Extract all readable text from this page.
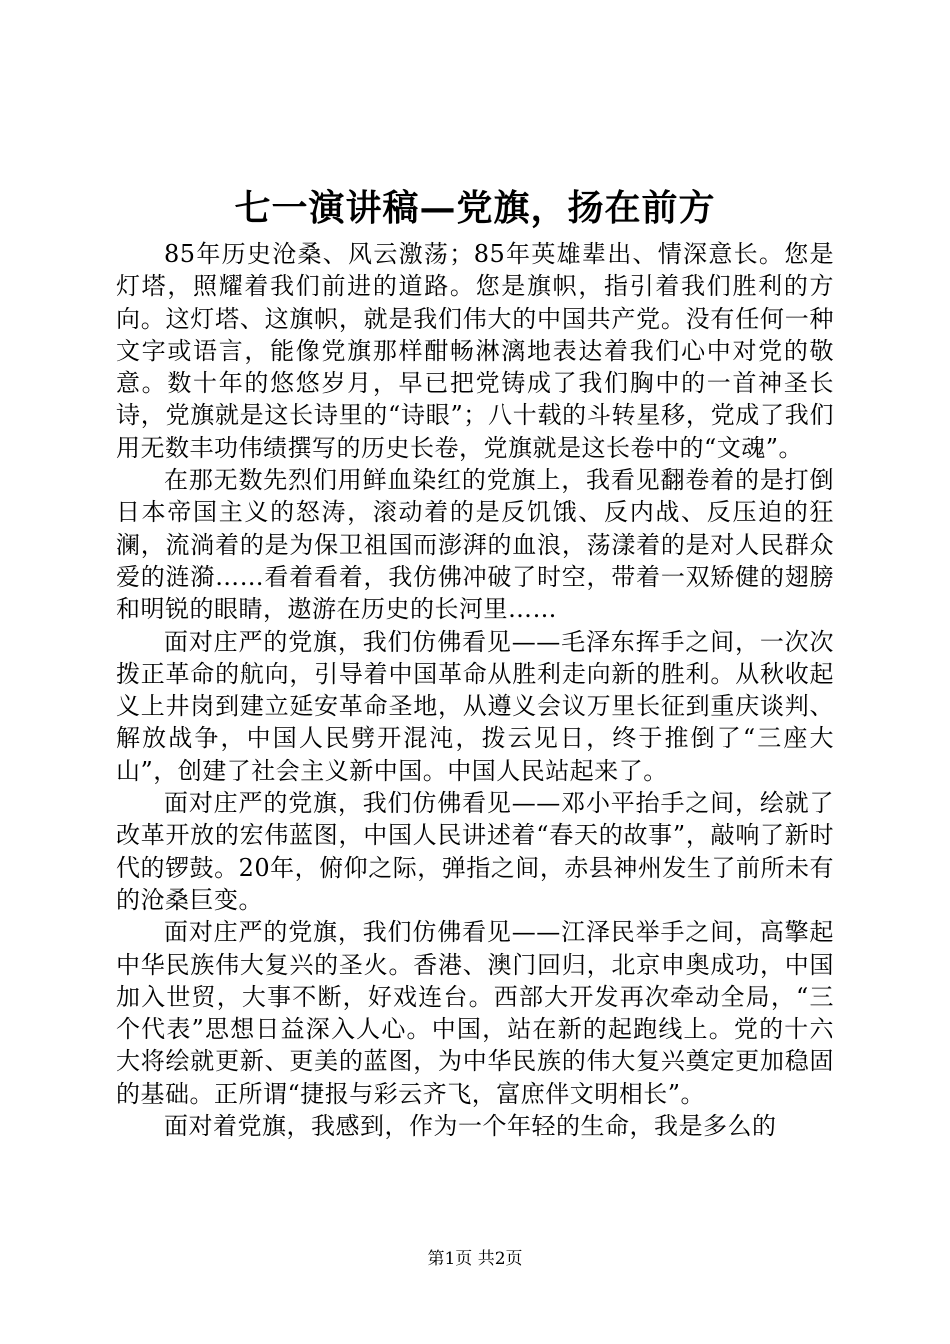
七一演讲稿—党旗，扬在前方

85年历史沧桑、风云激荡；85年英雄辈出、情深意长。您是灯塔，照耀着我们前进的道路。您是旗帜，指引着我们胜利的方向。这灯塔、这旗帜，就是我们伟大的中国共产党。没有任何一种文字或语言，能像党旗那样酣畅淋漓地表达着我们心中对党的敬意。数十年的悠悠岁月，早已把党铸成了我们胸中的一首神圣长诗，党旗就是这长诗里的“诗眼”；八十载的斗转星移，党成了我们用无数丰功伟绩撰写的历史长卷，党旗就是这长卷中的“文魂”。

在那无数先烈们用鲜血染红的党旗上，我看见翻卷着的是打倒日本帝国主义的怒涛，滚动着的是反饥饿、反内战、反压迫的狂澜，流淌着的是为保卫祖国而澎湃的血浪，荡漾着的是对人民群众爱的涟漪……看着看着，我仿佛冲破了时空，带着一双矫健的翅膀和明锐的眼睛，遨游在历史的长河里……

面对庄严的党旗，我们仿佛看见——毛泽东挥手之间，一次次拨正革命的航向，引导着中国革命从胜利走向新的胜利。从秋收起义上井岗到建立延安革命圣地，从遵义会议万里长征到重庆谈判、解放战争，中国人民劈开混沌，拨云见日，终于推倒了“三座大山”，创建了社会主义新中国。中国人民站起来了。

面对庄严的党旗，我们仿佛看见——邓小平抬手之间，绘就了改革开放的宏伟蓝图，中国人民讲述着“春天的故事”，敲响了新时代的锣鼓。20年，俯仰之际，弹指之间，赤县神州发生了前所未有的沧桑巨变。

面对庄严的党旗，我们仿佛看见——江泽民举手之间，高擎起中华民族伟大复兴的圣火。香港、澳门回归，北京申奥成功，中国加入世贸，大事不断，好戏连台。西部大开发再次牵动全局，“三个代表”思想日益深入人心。中国，站在新的起跑线上。党的十六大将绘就更新、更美的蓝图，为中华民族的伟大复兴奠定更加稳固的基础。正所谓“捷报与彩云齐飞，富庶伴文明相长”。

面对着党旗，我感到，作为一个年轻的生命，我是多么的

第1页 共2页
